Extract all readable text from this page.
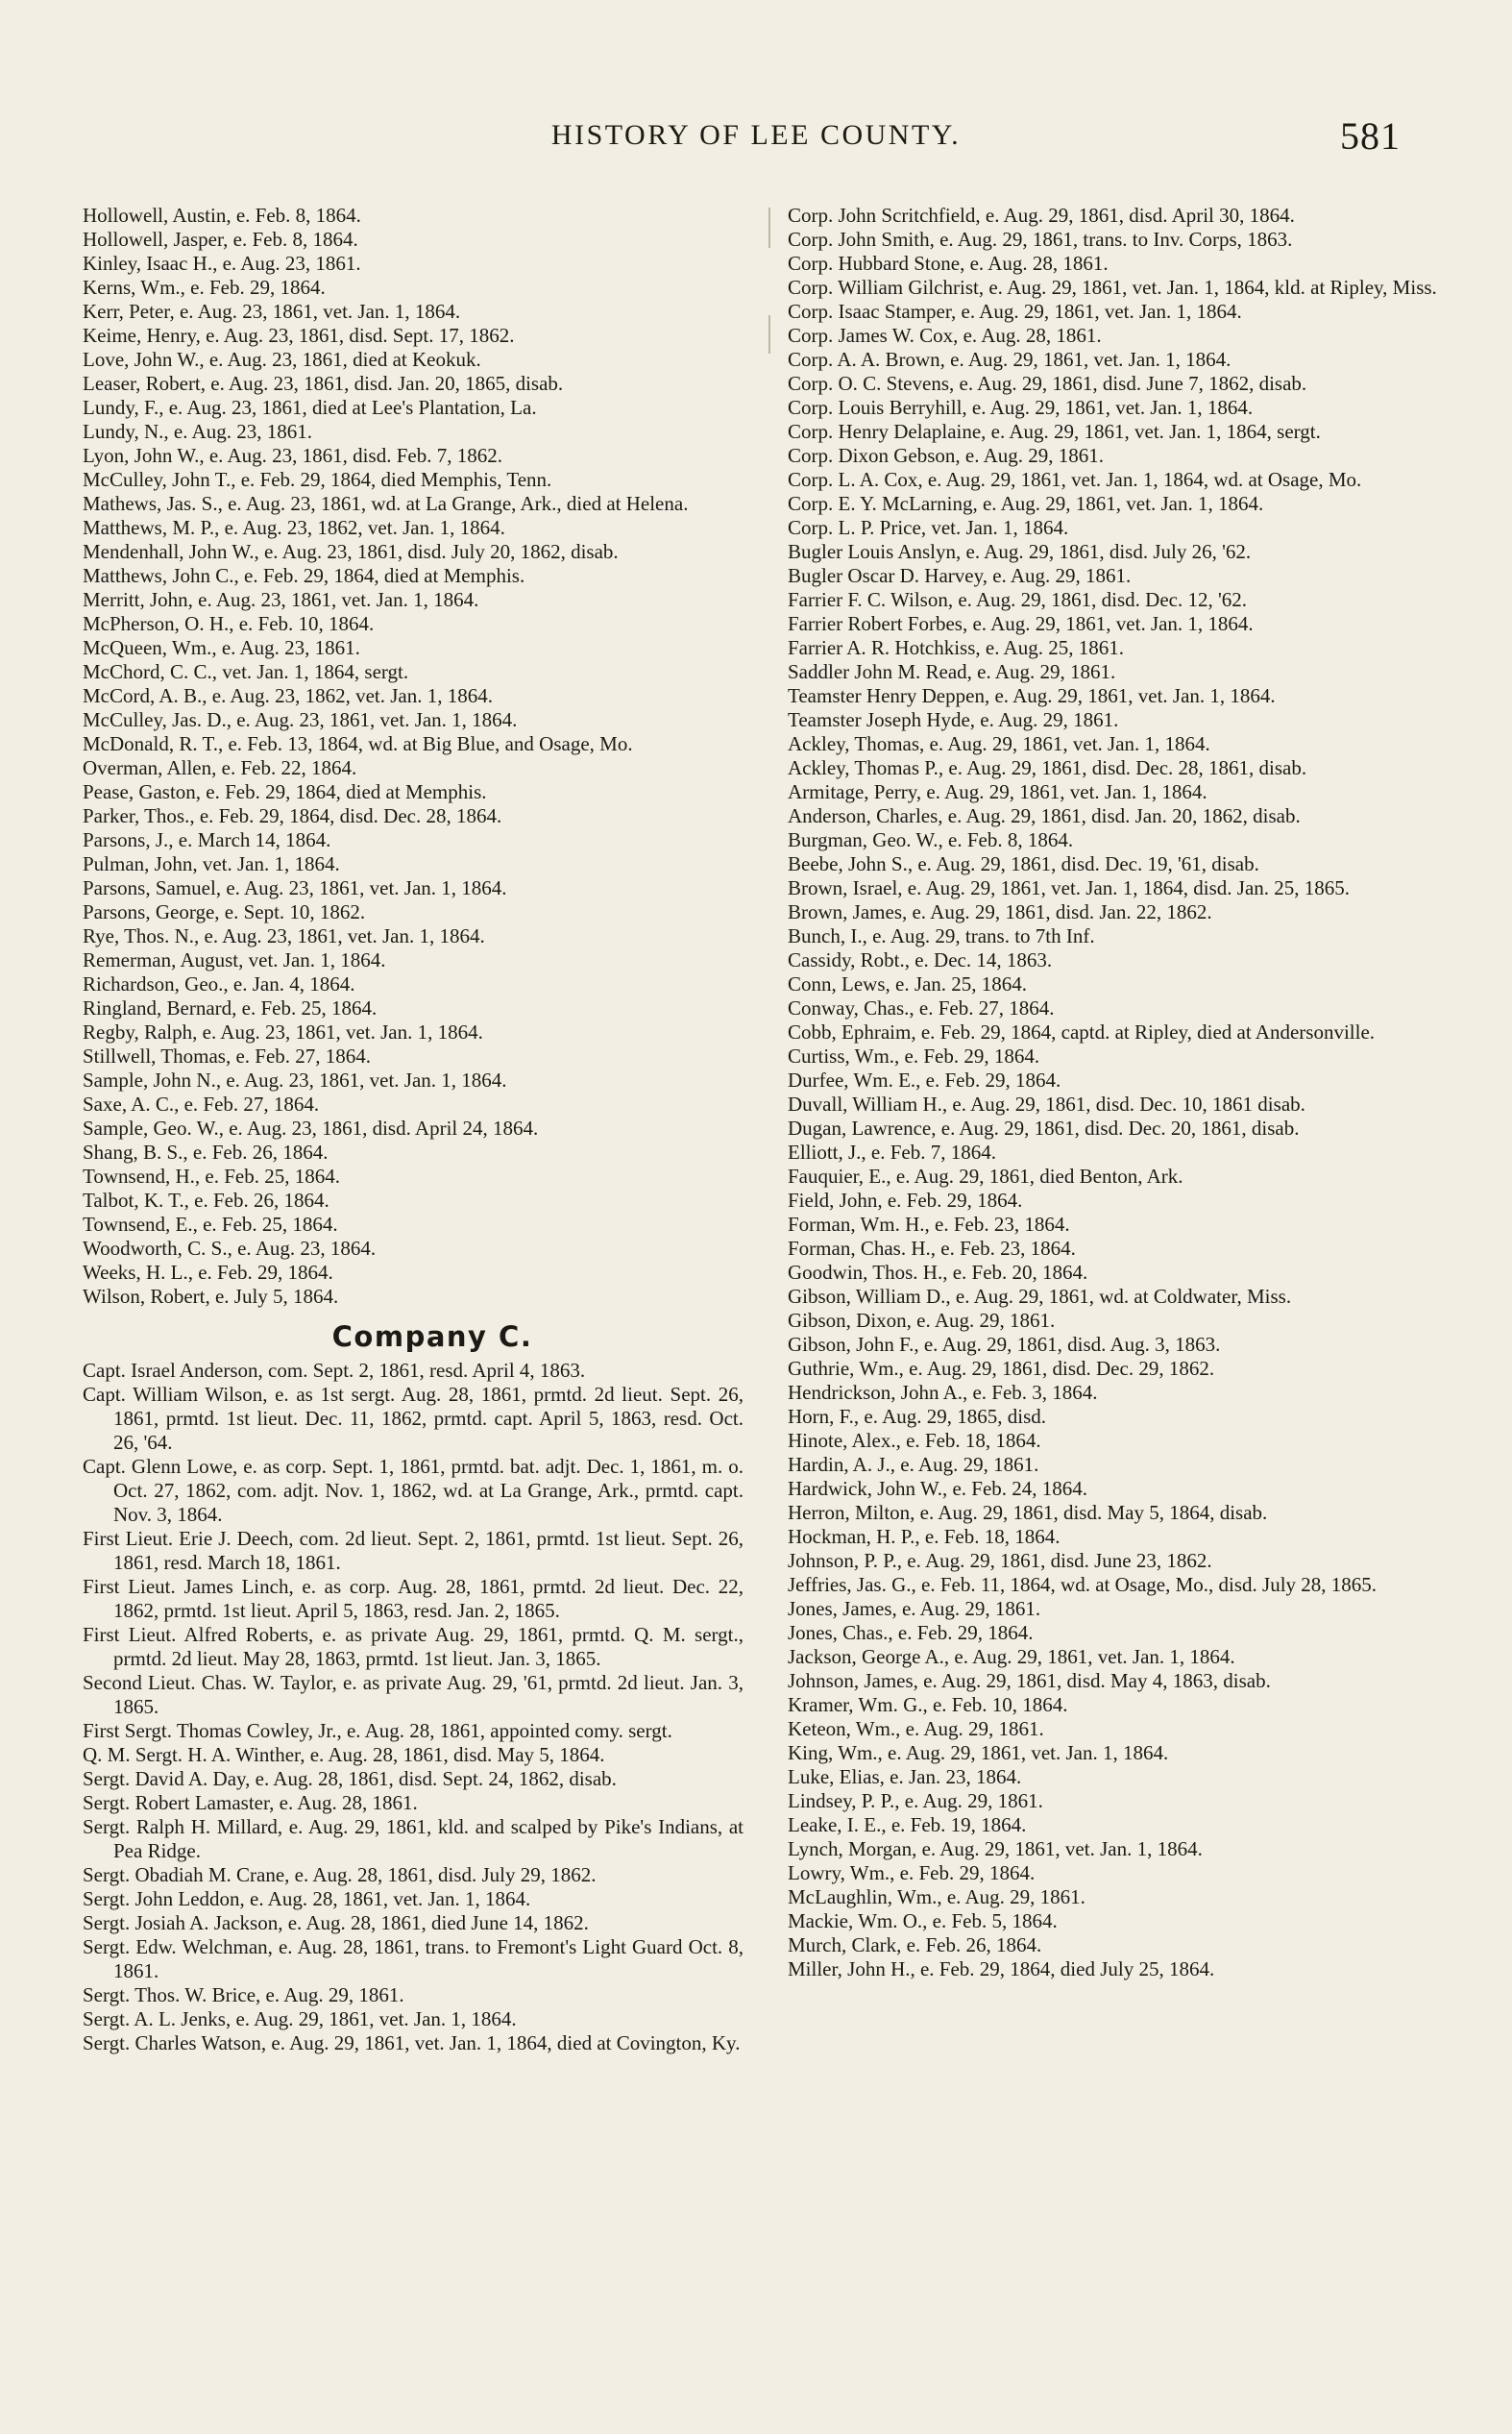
HISTORY OF LEE COUNTY.	581
Hollowell, Austin, e. Feb. 8, 1864.
Hollowell, Jasper, e. Feb. 8, 1864.
Kinley, Isaac H., e. Aug. 23, 1861.
Kerns, Wm., e. Feb. 29, 1864.
Kerr, Peter, e. Aug. 23, 1861, vet. Jan. 1, 1864.
Keime, Henry, e. Aug. 23, 1861, disd. Sept. 17, 1862.
Love, John W., e. Aug. 23, 1861, died at Keokuk.
Leaser, Robert, e. Aug. 23, 1861, disd. Jan. 20, 1865, disab.
Lundy, F., e. Aug. 23, 1861, died at Lee's Plantation, La.
Lundy, N., e. Aug. 23, 1861.
Lyon, John W., e. Aug. 23, 1861, disd. Feb. 7, 1862.
McCulley, John T., e. Feb. 29, 1864, died Memphis, Tenn.
Mathews, Jas. S., e. Aug. 23, 1861, wd. at La Grange, Ark., died at Helena.
Matthews, M. P., e. Aug. 23, 1862, vet. Jan. 1, 1864.
Mendenhall, John W., e. Aug. 23, 1861, disd. July 20, 1862, disab.
Matthews, John C., e. Feb. 29, 1864, died at Memphis.
Merritt, John, e. Aug. 23, 1861, vet. Jan. 1, 1864.
McPherson, O. H., e. Feb. 10, 1864.
McQueen, Wm., e. Aug. 23, 1861.
McChord, C. C., vet. Jan. 1, 1864, sergt.
McCord, A. B., e. Aug. 23, 1862, vet. Jan. 1, 1864.
McCulley, Jas. D., e. Aug. 23, 1861, vet. Jan. 1, 1864.
McDonald, R. T., e. Feb. 13, 1864, wd. at Big Blue, and Osage, Mo.
Overman, Allen, e. Feb. 22, 1864.
Pease, Gaston, e. Feb. 29, 1864, died at Memphis.
Parker, Thos., e. Feb. 29, 1864, disd. Dec. 28, 1864.
Parsons, J., e. March 14, 1864.
Pulman, John, vet. Jan. 1, 1864.
Parsons, Samuel, e. Aug. 23, 1861, vet. Jan. 1, 1864.
Parsons, George, e. Sept. 10, 1862.
Rye, Thos. N., e. Aug. 23, 1861, vet. Jan. 1, 1864.
Remerman, August, vet. Jan. 1, 1864.
Richardson, Geo., e. Jan. 4, 1864.
Ringland, Bernard, e. Feb. 25, 1864.
Regby, Ralph, e. Aug. 23, 1861, vet. Jan. 1, 1864.
Stillwell, Thomas, e. Feb. 27, 1864.
Sample, John N., e. Aug. 23, 1861, vet. Jan. 1, 1864.
Saxe, A. C., e. Feb. 27, 1864.
Sample, Geo. W., e. Aug. 23, 1861, disd. April 24, 1864.
Shang, B. S., e. Feb. 26, 1864.
Townsend, H., e. Feb. 25, 1864.
Talbot, K. T., e. Feb. 26, 1864.
Townsend, E., e. Feb. 25, 1864.
Woodworth, C. S., e. Aug. 23, 1864.
Weeks, H. L., e. Feb. 29, 1864.
Wilson, Robert, e. July 5, 1864.
Company C.
Capt. Israel Anderson, com. Sept. 2, 1861, resd. April 4, 1863.
Capt. William Wilson, e. as 1st sergt. Aug. 28, 1861, prmtd. 2d lieut. Sept. 26, 1861, prmtd. 1st lieut. Dec. 11, 1862, prmtd. capt. April 5, 1863, resd. Oct. 26, '64.
Capt. Glenn Lowe, e. as corp. Sept. 1, 1861, prmtd. bat. adjt. Dec. 1, 1861, m. o. Oct. 27, 1862, com. adjt. Nov. 1, 1862, wd. at La Grange, Ark., prmtd. capt. Nov. 3, 1864.
First Lieut. Erie J. Deech, com. 2d lieut. Sept. 2, 1861, prmtd. 1st lieut. Sept. 26, 1861, resd. March 18, 1861.
First Lieut. James Linch, e. as corp. Aug. 28, 1861, prmtd. 2d lieut. Dec. 22, 1862, prmtd. 1st lieut. April 5, 1863, resd. Jan. 2, 1865.
First Lieut. Alfred Roberts, e. as private Aug. 29, 1861, prmtd. Q. M. sergt., prmtd. 2d lieut. May 28, 1863, prmtd. 1st lieut. Jan. 3, 1865.
Second Lieut. Chas. W. Taylor, e. as private Aug. 29, '61, prmtd. 2d lieut. Jan. 3, 1865.
First Sergt. Thomas Cowley, Jr., e. Aug. 28, 1861, appointed comy. sergt.
Q. M. Sergt. H. A. Winther, e. Aug. 28, 1861, disd. May 5, 1864.
Sergt. David A. Day, e. Aug. 28, 1861, disd. Sept. 24, 1862, disab.
Sergt. Robert Lamaster, e. Aug. 28, 1861.
Sergt. Ralph H. Millard, e. Aug. 29, 1861, kld. and scalped by Pike's Indians, at Pea Ridge.
Sergt. Obadiah M. Crane, e. Aug. 28, 1861, disd. July 29, 1862.
Sergt. John Leddon, e. Aug. 28, 1861, vet. Jan. 1, 1864.
Sergt. Josiah A. Jackson, e. Aug. 28, 1861, died June 14, 1862.
Sergt. Edw. Welchman, e. Aug. 28, 1861, trans. to Fremont's Light Guard Oct. 8, 1861.
Sergt. Thos. W. Brice, e. Aug. 29, 1861.
Sergt. A. L. Jenks, e. Aug. 29, 1861, vet. Jan. 1, 1864.
Sergt. Charles Watson, e. Aug. 29, 1861, vet. Jan. 1, 1864, died at Covington, Ky.
Corp. John Scritchfield, e. Aug. 29, 1861, disd. April 30, 1864.
Corp. John Smith, e. Aug. 29, 1861, trans. to Inv. Corps, 1863.
Corp. Hubbard Stone, e. Aug. 28, 1861.
Corp. William Gilchrist, e. Aug. 29, 1861, vet. Jan. 1, 1864, kld. at Ripley, Miss.
Corp. Isaac Stamper, e. Aug. 29, 1861, vet. Jan. 1, 1864.
Corp. James W. Cox, e. Aug. 28, 1861.
Corp. A. A. Brown, e. Aug. 29, 1861, vet. Jan. 1, 1864.
Corp. O. C. Stevens, e. Aug. 29, 1861, disd. June 7, 1862, disab.
Corp. Louis Berryhill, e. Aug. 29, 1861, vet. Jan. 1, 1864.
Corp. Henry Delaplaine, e. Aug. 29, 1861, vet. Jan. 1, 1864, sergt.
Corp. Dixon Gebson, e. Aug. 29, 1861.
Corp. L. A. Cox, e. Aug. 29, 1861, vet. Jan. 1, 1864, wd. at Osage, Mo.
Corp. E. Y. McLarning, e. Aug. 29, 1861, vet. Jan. 1, 1864.
Corp. L. P. Price, vet. Jan. 1, 1864.
Bugler Louis Anslyn, e. Aug. 29, 1861, disd. July 26, '62.
Bugler Oscar D. Harvey, e. Aug. 29, 1861.
Farrier F. C. Wilson, e. Aug. 29, 1861, disd. Dec. 12, '62.
Farrier Robert Forbes, e. Aug. 29, 1861, vet. Jan. 1, 1864.
Farrier A. R. Hotchkiss, e. Aug. 25, 1861.
Saddler John M. Read, e. Aug. 29, 1861.
Teamster Henry Deppen, e. Aug. 29, 1861, vet. Jan. 1, 1864.
Teamster Joseph Hyde, e. Aug. 29, 1861.
Ackley, Thomas, e. Aug. 29, 1861, vet. Jan. 1, 1864.
Ackley, Thomas P., e. Aug. 29, 1861, disd. Dec. 28, 1861, disab.
Armitage, Perry, e. Aug. 29, 1861, vet. Jan. 1, 1864.
Anderson, Charles, e. Aug. 29, 1861, disd. Jan. 20, 1862, disab.
Burgman, Geo. W., e. Feb. 8, 1864.
Beebe, John S., e. Aug. 29, 1861, disd. Dec. 19, '61, disab.
Brown, Israel, e. Aug. 29, 1861, vet. Jan. 1, 1864, disd. Jan. 25, 1865.
Brown, James, e. Aug. 29, 1861, disd. Jan. 22, 1862.
Bunch, I., e. Aug. 29, trans. to 7th Inf.
Cassidy, Robt., e. Dec. 14, 1863.
Conn, Lews, e. Jan. 25, 1864.
Conway, Chas., e. Feb. 27, 1864.
Cobb, Ephraim, e. Feb. 29, 1864, captd. at Ripley, died at Andersonville.
Curtiss, Wm., e. Feb. 29, 1864.
Durfee, Wm. E., e. Feb. 29, 1864.
Duvall, William H., e. Aug. 29, 1861, disd. Dec. 10, 1861 disab.
Dugan, Lawrence, e. Aug. 29, 1861, disd. Dec. 20, 1861, disab.
Elliott, J., e. Feb. 7, 1864.
Fauquier, E., e. Aug. 29, 1861, died Benton, Ark.
Field, John, e. Feb. 29, 1864.
Forman, Wm. H., e. Feb. 23, 1864.
Forman, Chas. H., e. Feb. 23, 1864.
Goodwin, Thos. H., e. Feb. 20, 1864.
Gibson, William D., e. Aug. 29, 1861, wd. at Coldwater, Miss.
Gibson, Dixon, e. Aug. 29, 1861.
Gibson, John F., e. Aug. 29, 1861, disd. Aug. 3, 1863.
Guthrie, Wm., e. Aug. 29, 1861, disd. Dec. 29, 1862.
Hendrickson, John A., e. Feb. 3, 1864.
Horn, F., e. Aug. 29, 1865, disd.
Hinote, Alex., e. Feb. 18, 1864.
Hardin, A. J., e. Aug. 29, 1861.
Hardwick, John W., e. Feb. 24, 1864.
Herron, Milton, e. Aug. 29, 1861, disd. May 5, 1864, disab.
Hockman, H. P., e. Feb. 18, 1864.
Johnson, P. P., e. Aug. 29, 1861, disd. June 23, 1862.
Jeffries, Jas. G., e. Feb. 11, 1864, wd. at Osage, Mo., disd. July 28, 1865.
Jones, James, e. Aug. 29, 1861.
Jones, Chas., e. Feb. 29, 1864.
Jackson, George A., e. Aug. 29, 1861, vet. Jan. 1, 1864.
Johnson, James, e. Aug. 29, 1861, disd. May 4, 1863, disab.
Kramer, Wm. G., e. Feb. 10, 1864.
Keteon, Wm., e. Aug. 29, 1861.
King, Wm., e. Aug. 29, 1861, vet. Jan. 1, 1864.
Luke, Elias, e. Jan. 23, 1864.
Lindsey, P. P., e. Aug. 29, 1861.
Leake, I. E., e. Feb. 19, 1864.
Lynch, Morgan, e. Aug. 29, 1861, vet. Jan. 1, 1864.
Lowry, Wm., e. Feb. 29, 1864.
McLaughlin, Wm., e. Aug. 29, 1861.
Mackie, Wm. O., e. Feb. 5, 1864.
Murch, Clark, e. Feb. 26, 1864.
Miller, John H., e. Feb. 29, 1864, died July 25, 1864.
